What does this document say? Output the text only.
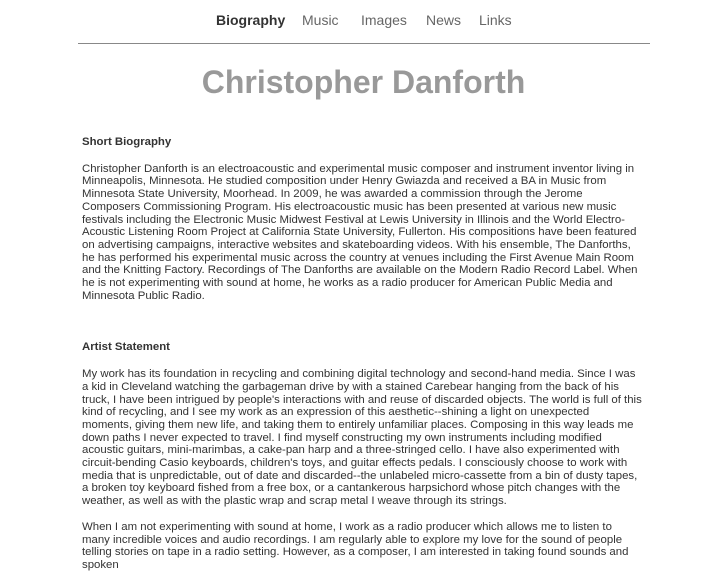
Biography Music Images News Links
Christopher Danforth
Short Biography

Christopher Danforth is an electroacoustic and experimental music composer and instrument inventor living in Minneapolis, Minnesota. He studied composition under Henry Gwiazda and received a BA in Music from Minnesota State University, Moorhead. In 2009, he was awarded a commission through the Jerome Composers Commissioning Program. His electroacoustic music has been presented at various new music festivals including the Electronic Music Midwest Festival at Lewis University in Illinois and the World Electro-Acoustic Listening Room Project at California State University, Fullerton. His compositions have been featured on advertising campaigns, interactive websites and skateboarding videos. With his ensemble, The Danforths, he has performed his experimental music across the country at venues including the First Avenue Main Room and the Knitting Factory. Recordings of The Danforths are available on the Modern Radio Record Label. When he is not experimenting with sound at home, he works as a radio producer for American Public Media and Minnesota Public Radio.

Artist Statement

My work has its foundation in recycling and combining digital technology and second-hand media. Since I was a kid in Cleveland watching the garbageman drive by with a stained Carebear hanging from the back of his truck, I have been intrigued by people's interactions with and reuse of discarded objects. The world is full of this kind of recycling, and I see my work as an expression of this aesthetic--shining a light on unexpected moments, giving them new life, and taking them to entirely unfamiliar places. Composing in this way leads me down paths I never expected to travel. I find myself constructing my own instruments including modified acoustic guitars, mini-marimbas, a cake-pan harp and a three-stringed cello. I have also experimented with circuit-bending Casio keyboards, children's toys, and guitar effects pedals. I consciously choose to work with media that is unpredictable, out of date and discarded--the unlabeled micro-cassette from a bin of dusty tapes, a broken toy keyboard fished from a free box, or a cantankerous harpsichord whose pitch changes with the weather, as well as with the plastic wrap and scrap metal I weave through its strings.

When I am not experimenting with sound at home, I work as a radio producer which allows me to listen to many incredible voices and audio recordings. I am regularly able to explore my love for the sound of people telling stories on tape in a radio setting. However, as a composer, I am interested in taking found sounds and spoken
